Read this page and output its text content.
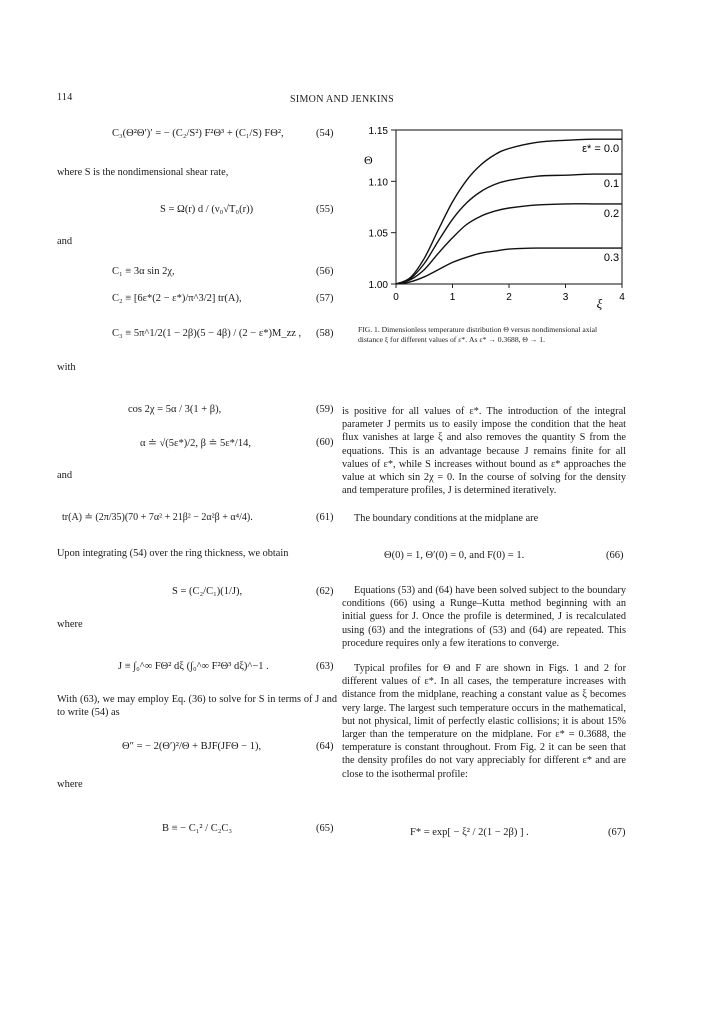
114	SIMON AND JENKINS
C₃(Θ²Θ′)′ = − (C₂/S²) F²Θ³ + (C₁/S) FΘ²,	(54)
where S is the nondimensional shear rate,
S = Ω(r) d / (ν₀√T₀(r))	(55)
and
C₁ ≡ 3α sin 2χ,	(56)
C₂ ≡ [6ε*(2 − ε*)/π^3/2] tr(A),	(57)
C₃ ≡ 5π^1/2(1 − 2β)(5 − 4β) / (2 − ε*)M_zz , (58)
with
cos 2χ = 5α / 3(1 + β),	(59)
α ≐ √(5ε*)/2, β ≐ 5ε*/14,	(60)
and
tr(A) ≐ (2π/35)(70 + 7α² + 21β² − 2α²β + α⁴/4).	(61)
Upon integrating (54) over the ring thickness, we obtain
S = (C₂/C₁)(1/J),	(62)
where
J ≡ ∫₀^∞ FΘ² dξ (∫₀^∞ F²Θ³ dξ)^−1 .	(63)
With (63), we may employ Eq. (36) to solve for S in terms of J and to write (54) as
Θ″ = − 2(Θ′)²/Θ + BJF(JFΘ − 1),	(64)
where
B ≡ − C₁² / C₂C₃	(65)
Θ
1.00
1.05
1.10
1.15
0	1	2	3	4
ξ
ε* = 0.0
0.1
0.2
0.3
FIG. 1. Dimensionless temperature distribution Θ versus nondimensional axial distance ξ for different values of ε*. As ε* → 0.3688, Θ → 1.
is positive for all values of ε*. The introduction of the integral parameter J permits us to easily impose the condition that the heat flux vanishes at large ξ and also removes the quantity S from the equations. This is an advantage because J remains finite for all values of ε*, while S increases without bound as ε* approaches the value at which sin 2χ = 0. In the course of solving for the density and temperature profiles, J is determined iteratively.
The boundary conditions at the midplane are
Θ(0) = 1, Θ′(0) = 0, and F(0) = 1.	(66)
Equations (53) and (64) have been solved subject to the boundary conditions (66) using a Runge–Kutta method beginning with an initial guess for J. Once the profile is determined, J is recalculated using (63) and the integrations of (53) and (64) are repeated. This procedure requires only a few iterations to converge.
Typical profiles for Θ and F are shown in Figs. 1 and 2 for different values of ε*. In all cases, the temperature increases with distance from the midplane, reaching a constant value as ξ becomes very large. The largest such temperature occurs in the mathematical, but not physical, limit of perfectly elastic collisions; it is about 15% larger than the temperature on the midplane. For ε* = 0.3688, the temperature is constant throughout. From Fig. 2 it can be seen that the density profiles do not vary appreciably for different ε* and are close to the isothermal profile:
F* = exp[ − ξ² / 2(1 − 2β) ] .	(67)
